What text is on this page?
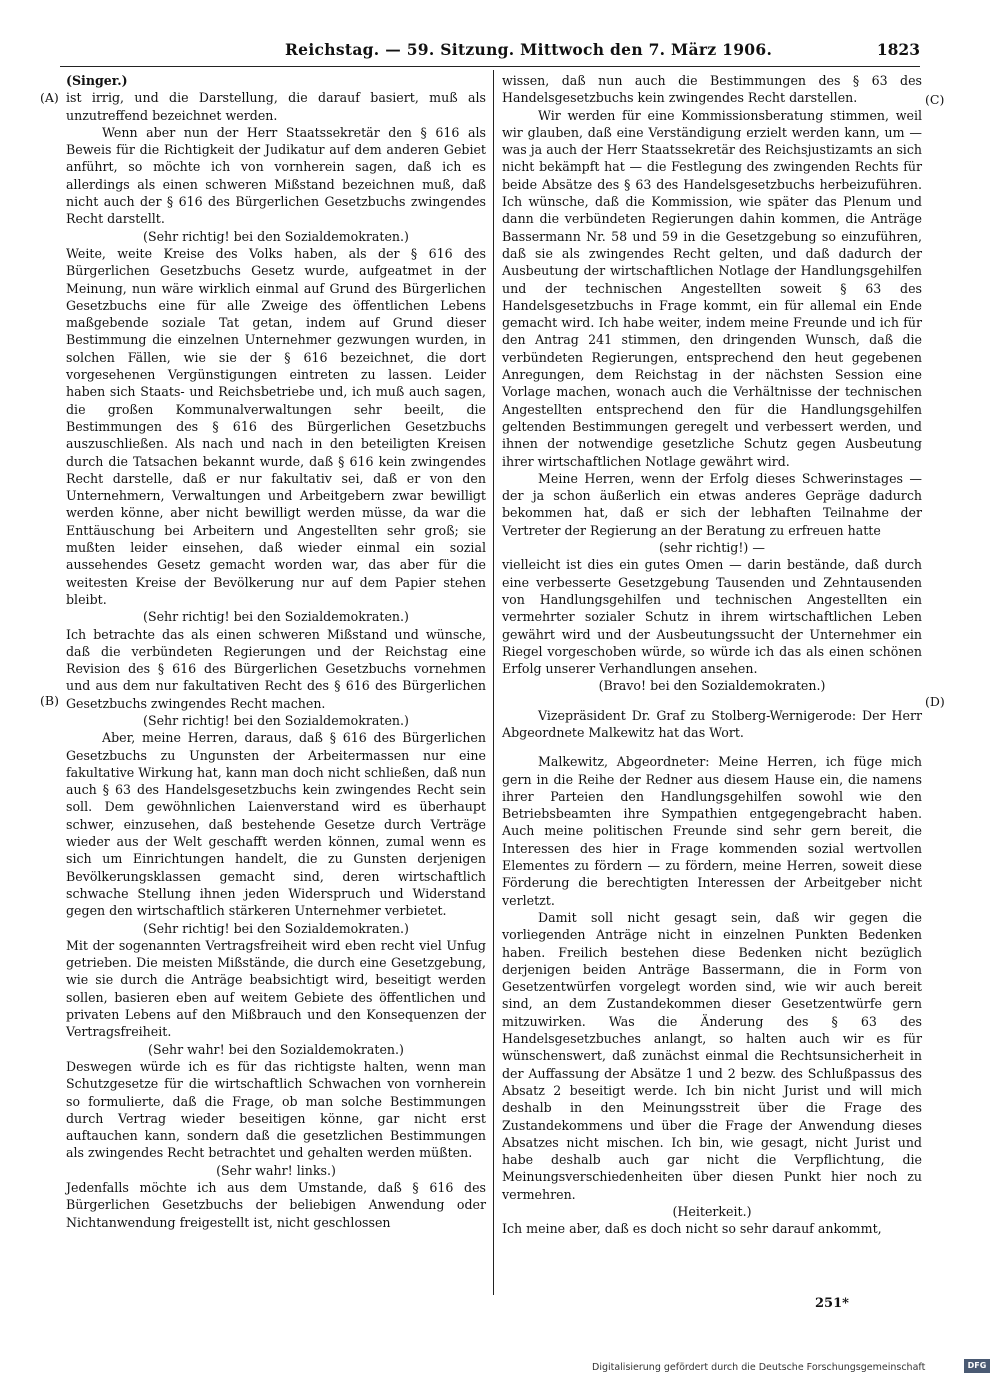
Reichstag. — 59. Sitzung. Mittwoch den 7. März 1906.	1823
(A)
(B)
(C)
(D)

(Singer.)

ist irrig, und die Darstellung, die darauf basiert, muß als unzutreffend bezeichnet werden.

Wenn aber nun der Herr Staatssekretär den § 616 als Beweis für die Richtigkeit der Judikatur auf dem anderen Gebiet anführt, so möchte ich von vornherein sagen, daß ich es allerdings als einen schweren Mißstand bezeichnen muß, daß nicht auch der § 616 des Bürgerlichen Gesetzbuchs zwingendes Recht darstellt.

(Sehr richtig! bei den Sozialdemokraten.)

Weite, weite Kreise des Volks haben, als der § 616 des Bürgerlichen Gesetzbuchs Gesetz wurde, aufgeatmet in der Meinung, nun wäre wirklich einmal auf Grund des Bürgerlichen Gesetzbuchs eine für alle Zweige des öffentlichen Lebens maßgebende soziale Tat getan, indem auf Grund dieser Bestimmung die einzelnen Unternehmer gezwungen wurden, in solchen Fällen, wie sie der § 616 bezeichnet, die dort vorgesehenen Vergünstigungen eintreten zu lassen. Leider haben sich Staats- und Reichsbetriebe und, ich muß auch sagen, die großen Kommunalverwaltungen sehr beeilt, die Bestimmungen des § 616 des Bürgerlichen Gesetzbuchs auszuschließen. Als nach und nach in den beteiligten Kreisen durch die Tatsachen bekannt wurde, daß § 616 kein zwingendes Recht darstelle, daß er nur fakultativ sei, daß er von den Unternehmern, Verwaltungen und Arbeitgebern zwar bewilligt werden könne, aber nicht bewilligt werden müsse, da war die Enttäuschung bei Arbeitern und Angestellten sehr groß; sie mußten leider einsehen, daß wieder einmal ein sozial aussehendes Gesetz gemacht worden war, das aber für die weitesten Kreise der Bevölkerung nur auf dem Papier stehen bleibt.

(Sehr richtig! bei den Sozialdemokraten.)

Ich betrachte das als einen schweren Mißstand und wünsche, daß die verbündeten Regierungen und der Reichstag eine Revision des § 616 des Bürgerlichen Gesetzbuchs vornehmen und aus dem nur fakultativen Recht des § 616 des Bürgerlichen Gesetzbuchs zwingendes Recht machen.

(Sehr richtig! bei den Sozialdemokraten.)

Aber, meine Herren, daraus, daß § 616 des Bürgerlichen Gesetzbuchs zu Ungunsten der Arbeitermassen nur eine fakultative Wirkung hat, kann man doch nicht schließen, daß nun auch § 63 des Handelsgesetzbuchs kein zwingendes Recht sein soll. Dem gewöhnlichen Laienverstand wird es überhaupt schwer, einzusehen, daß bestehende Gesetze durch Verträge wieder aus der Welt geschafft werden können, zumal wenn es sich um Einrichtungen handelt, die zu Gunsten derjenigen Bevölkerungsklassen gemacht sind, deren wirtschaftlich schwache Stellung ihnen jeden Widerspruch und Widerstand gegen den wirtschaftlich stärkeren Unternehmer verbietet.

(Sehr richtig! bei den Sozialdemokraten.)

Mit der sogenannten Vertragsfreiheit wird eben recht viel Unfug getrieben. Die meisten Mißstände, die durch eine Gesetzgebung, wie sie durch die Anträge beabsichtigt wird, beseitigt werden sollen, basieren eben auf weitem Gebiete des öffentlichen und privaten Lebens auf den Mißbrauch und den Konsequenzen der Vertragsfreiheit.

(Sehr wahr! bei den Sozialdemokraten.)

Deswegen würde ich es für das richtigste halten, wenn man Schutzgesetze für die wirtschaftlich Schwachen von vornherein so formulierte, daß die Frage, ob man solche Bestimmungen durch Vertrag wieder beseitigen könne, gar nicht erst auftauchen kann, sondern daß die gesetzlichen Bestimmungen als zwingendes Recht betrachtet und gehalten werden müßten.

(Sehr wahr! links.)

Jedenfalls möchte ich aus dem Umstande, daß § 616 des Bürgerlichen Gesetzbuchs der beliebigen Anwendung oder Nichtanwendung freigestellt ist, nicht geschlossen

wissen, daß nun auch die Bestimmungen des § 63 des Handelsgesetzbuchs kein zwingendes Recht darstellen.

Wir werden für eine Kommissionsberatung stimmen, weil wir glauben, daß eine Verständigung erzielt werden kann, um — was ja auch der Herr Staatssekretär des Reichsjustizamts an sich nicht bekämpft hat — die Festlegung des zwingenden Rechts für beide Absätze des § 63 des Handelsgesetzbuchs herbeizuführen. Ich wünsche, daß die Kommission, wie später das Plenum und dann die verbündeten Regierungen dahin kommen, die Anträge Bassermann Nr. 58 und 59 in die Gesetzgebung so einzuführen, daß sie als zwingendes Recht gelten, und daß dadurch der Ausbeutung der wirtschaftlichen Notlage der Handlungsgehilfen und der technischen Angestellten soweit § 63 des Handelsgesetzbuchs in Frage kommt, ein für allemal ein Ende gemacht wird. Ich habe weiter, indem meine Freunde und ich für den Antrag 241 stimmen, den dringenden Wunsch, daß die verbündeten Regierungen, entsprechend den heut gegebenen Anregungen, dem Reichstag in der nächsten Session eine Vorlage machen, wonach auch die Verhältnisse der technischen Angestellten entsprechend den für die Handlungsgehilfen geltenden Bestimmungen geregelt und verbessert werden, und ihnen der notwendige gesetzliche Schutz gegen Ausbeutung ihrer wirtschaftlichen Notlage gewährt wird.

Meine Herren, wenn der Erfolg dieses Schwerinstages — der ja schon äußerlich ein etwas anderes Gepräge dadurch bekommen hat, daß er sich der lebhaften Teilnahme der Vertreter der Regierung an der Beratung zu erfreuen hatte

(sehr richtig!) —

vielleicht ist dies ein gutes Omen — darin bestände, daß durch eine verbesserte Gesetzgebung Tausenden und Zehntausenden von Handlungsgehilfen und technischen Angestellten ein vermehrter sozialer Schutz in ihrem wirtschaftlichen Leben gewährt wird und der Ausbeutungssucht der Unternehmer ein Riegel vorgeschoben würde, so würde ich das als einen schönen Erfolg unserer Verhandlungen ansehen.

(Bravo! bei den Sozialdemokraten.)

Vizepräsident Dr. Graf zu Stolberg-Wernigerode: Der Herr Abgeordnete Malkewitz hat das Wort.

Malkewitz, Abgeordneter: Meine Herren, ich füge mich gern in die Reihe der Redner aus diesem Hause ein, die namens ihrer Parteien den Handlungsgehilfen sowohl wie den Betriebsbeamten ihre Sympathien entgegengebracht haben. Auch meine politischen Freunde sind sehr gern bereit, die Interessen des hier in Frage kommenden sozial wertvollen Elementes zu fördern — zu fördern, meine Herren, soweit diese Förderung die berechtigten Interessen der Arbeitgeber nicht verletzt.

Damit soll nicht gesagt sein, daß wir gegen die vorliegenden Anträge nicht in einzelnen Punkten Bedenken haben. Freilich bestehen diese Bedenken nicht bezüglich derjenigen beiden Anträge Bassermann, die in Form von Gesetzentwürfen vorgelegt worden sind, wie wir auch bereit sind, an dem Zustandekommen dieser Gesetzentwürfe gern mitzuwirken. Was die Änderung des § 63 des Handelsgesetzbuches anlangt, so halten auch wir es für wünschenswert, daß zunächst einmal die Rechtsunsicherheit in der Auffassung der Absätze 1 und 2 bezw. des Schlußpassus des Absatz 2 beseitigt werde. Ich bin nicht Jurist und will mich deshalb in den Meinungsstreit über die Frage des Zustandekommens und über die Frage der Anwendung dieses Absatzes nicht mischen. Ich bin, wie gesagt, nicht Jurist und habe deshalb auch gar nicht die Verpflichtung, die Meinungsverschiedenheiten über diesen Punkt hier noch zu vermehren.

(Heiterkeit.)

Ich meine aber, daß es doch nicht so sehr darauf ankommt,

251*
Digitalisierung gefördert durch die Deutsche Forschungsgemeinschaft	DFG
